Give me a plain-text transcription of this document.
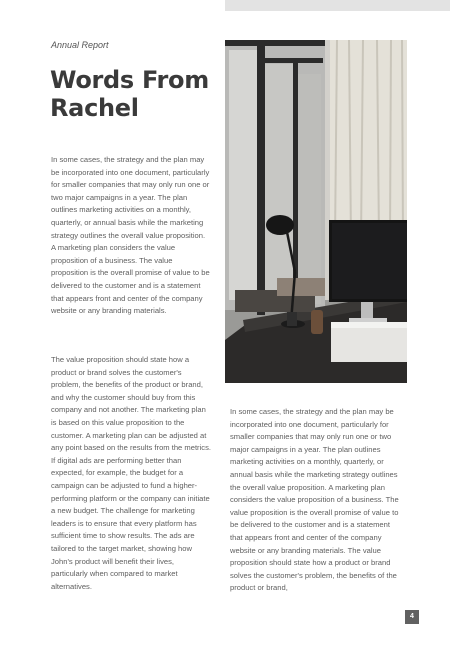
Annual Report
Words From
Rachel

In some cases, the strategy and the plan may be incorporated into one document, particularly for smaller companies that may only run one or two major campaigns in a year. The plan outlines marketing activities on a monthly, quarterly, or annual basis while the marketing strategy outlines the overall value proposition. A marketing plan considers the value proposition of a business. The value proposition is the overall promise of value to be delivered to the customer and is a statement that appears front and center of the company website or any branding materials.

The value proposition should state how a product or brand solves the customer's problem, the benefits of the product or brand, and why the customer should buy from this company and not another. The marketing plan is based on this value proposition to the customer. A marketing plan can be adjusted at any point based on the results from the metrics. If digital ads are performing better than expected, for example, the budget for a campaign can be adjusted to fund a higher-performing platform or the company can initiate a new budget. The challenge for marketing leaders is to ensure that every platform has sufficient time to show results. The ads are tailored to the target market, showing how John's product will benefit their lives, particularly when compared to market alternatives.

In some cases, the strategy and the plan may be incorporated into one document, particularly for smaller companies that may only run one or two major campaigns in a year. The plan outlines marketing activities on a monthly, quarterly, or annual basis while the marketing strategy outlines the overall value proposition. A marketing plan considers the value proposition of a business. The value proposition is the overall promise of value to be delivered to the customer and is a statement that appears front and center of the company website or any branding materials. The value proposition should state how a product or brand solves the customer's problem, the benefits of the product or brand,

4
